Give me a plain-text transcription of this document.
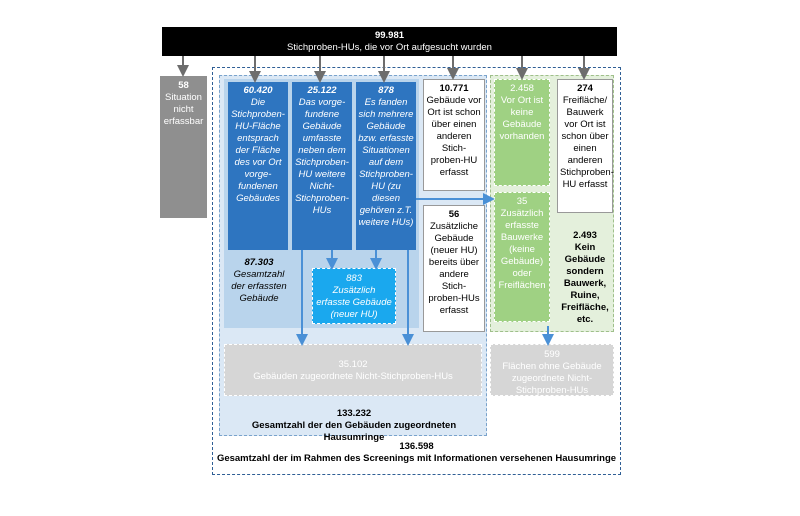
99.981
Stichproben-HUs, die vor Ort aufgesucht wurden
58
Situation nicht erfassbar
60.420
Die Stichproben-HU-Fläche entsprach der Fläche des vor Ort vorge-fundenen Gebäudes
25.122
Das vorge-fundene Gebäude umfasste neben dem Stichproben-HU weitere Nicht-Stichproben-HUs
878
Es fanden sich mehrere Gebäude bzw. erfasste Situationen auf dem Stichproben-HU (zu diesen gehören z.T. weitere HUs)
87.303
Gesamtzahl der erfassten Gebäude
883
Zusätzlich erfasste Gebäude (neuer HU)
10.771
Gebäude vor Ort ist schon über einen anderen Stich-proben-HU erfasst
56
Zusätzliche Gebäude (neuer HU) bereits über andere Stich-proben-HUs erfasst
2.458
Vor Ort ist keine Gebäude vorhanden
35
Zusätzlich erfasste Bauwerke (keine Gebäude) oder Freiflächen
274
Freifläche/ Bauwerk vor Ort ist schon über einen anderen Stichproben-HU erfasst
2.493
Kein Gebäude sondern Bauwerk, Ruine, Freifläche, etc.
35.102
Gebäuden zugeordnete Nicht-Stichproben-HUs
599
Flächen ohne Gebäude zugeordnete Nicht-Stichproben-HUs
133.232
Gesamtzahl der den Gebäuden zugeordneten Hausumringe
136.598
Gesamtzahl der im Rahmen des Screenings mit Informationen versehenen Hausumringe
